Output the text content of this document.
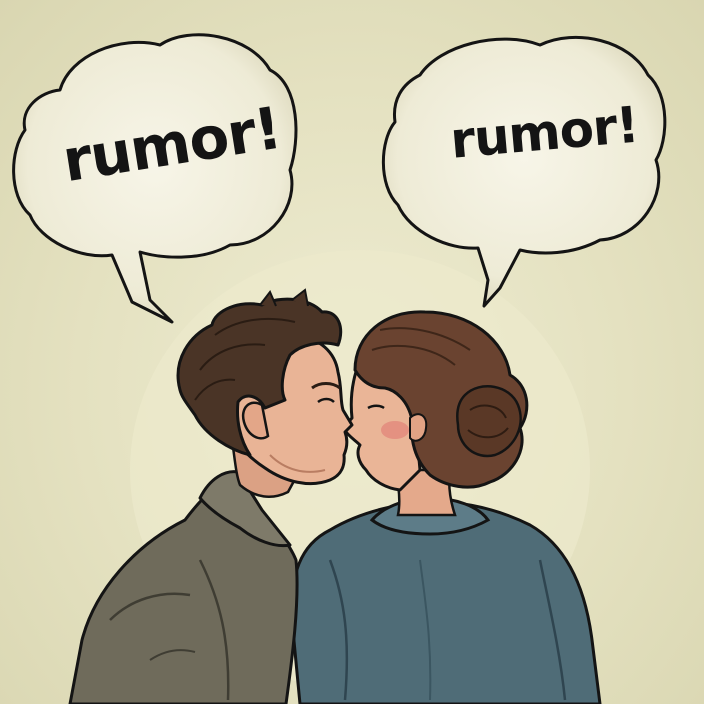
rumor!	rumor!
